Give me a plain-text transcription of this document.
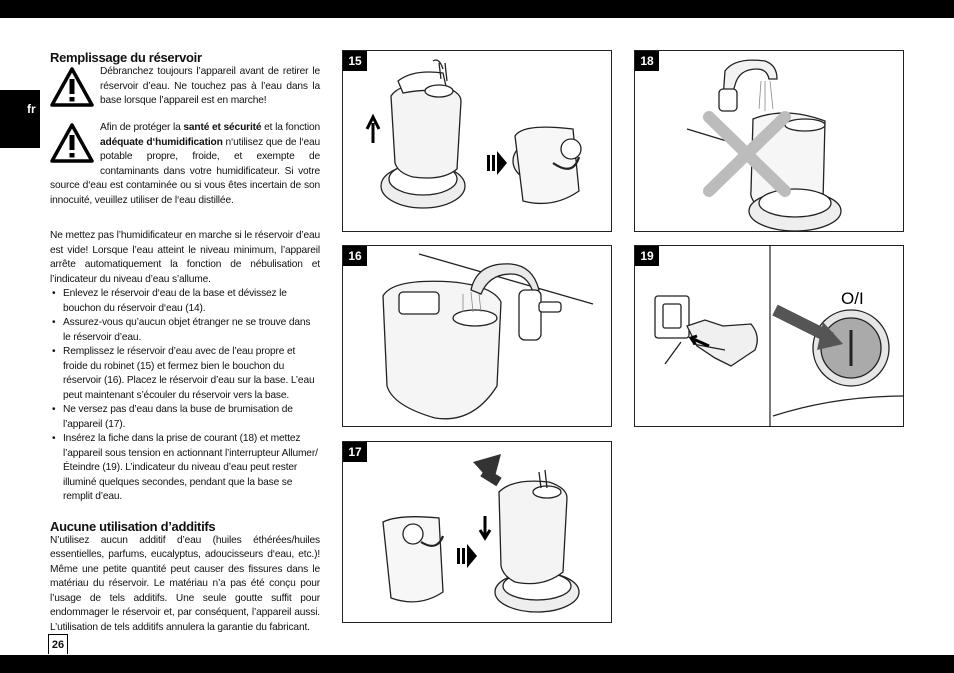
fr
Remplissage du réservoir
Débranchez toujours l’appareil avant de retirer le réservoir d’eau. Ne touchez pas à l’eau dans la base lorsque l’appareil est en marche!
Afin de protéger la santé et sécurité et la fonction adéquate d‘humidification n‘utilisez que de l‘eau potable propre, froide, et exempte de contaminants dans votre humidificateur. Si votre source d‘eau est contaminée ou si vous êtes incertain de son innocuité, veuillez utiliser de l‘eau distillée.

Ne mettez pas l’humidificateur en marche si le réservoir d’eau est vide! Lorsque l’eau atteint le niveau minimum, l’appareil arrête automatiquement la fonction de nébulisation et l’indicateur du niveau d’eau s’allume.

• Enlevez le réservoir d‘eau de la base et dévissez le bouchon du réservoir d‘eau (14).
• Assurez-vous qu’aucun objet étranger ne se trouve dans le réservoir d’eau.
• Remplissez le réservoir d’eau avec de l’eau propre et froide du robinet (15) et fermez bien le bouchon du réservoir (16). Placez le réservoir d’eau sur la base. L’eau peut maintenant s’écouler du réservoir vers la base.
• Ne versez pas d’eau dans la buse de brumisation de l’appareil (17).
• Insérez la fiche dans la prise de courant (18) et mettez l’appareil sous tension en actionnant l’interrupteur Allumer/Éteindre (19). L’indicateur du niveau d’eau peut rester illuminé quelques secondes, pendant que la base se remplit d’eau.
Aucune utilisation d’additifs

N’utilisez aucun additif d’eau (huiles éthérées/huiles essentielles, parfums, eucalyptus, adoucisseurs d‘eau, etc.)! Même une petite quantité peut causer des fissures dans le matériau du réservoir. Le matériau n’a pas été conçu pour l’usage de tels additifs. Une seule goutte suffit pour endommager le réservoir et, par conséquent, l’appareil aussi. L’utilisation de tels additifs annulera la garantie du fabricant.

15	18
16
O/I
19
17
26
